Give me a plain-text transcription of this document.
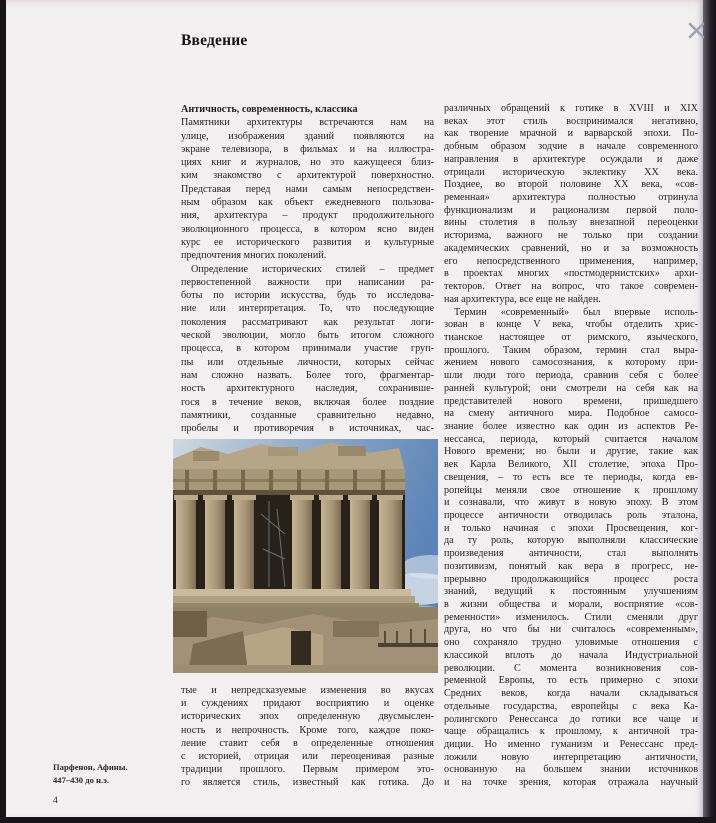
Введение
Античность, современность, классика
Памятники архитектуры встречаются нам на
улице, изображения зданий появляются на
экране телевизора, в фильмах и на иллюстра-
циях книг и журналов, но это кажущееся близ-
ким знакомство с архитектурой поверхностно.
Представая перед нами самым непосредствен-
ным образом как объект ежедневного пользова-
ния, архитектура – продукт продолжительного
эволюционного процесса, в котором ясно виден
курс ее исторического развития и культурные
предпочтения многих поколений.
Определение исторических стилей – предмет
первостепенной важности при написании ра-
боты по истории искусства, будь то исследова-
ние или интерпретация. То, что последующие
поколения рассматривают как результат логи-
ческой эволюции, могло быть итогом сложного
процесса, в котором принимали участие груп-
пы или отдельные личности, которых сейчас
нам сложно назвать. Более того, фрагментар-
ность архитектурного наследия, сохранивше-
гося в течение веков, включая более поздние
памятники, созданные сравнительно недавно,
пробелы и противоречия в источниках, час-
тые и непредсказуемые изменения во вкусах
и суждениях придают восприятию и оценке
исторических эпох определенную двусмыслен-
ность и непрочность. Кроме того, каждое поко-
ление ставит себя в определенные отношения
с историей, отрицая или переоценивая разные
традиции прошлого. Первым примером это-
го является стиль, известный как готика. До
различных обращений к готике в XVIII и XIX
веках этот стиль воспринимался негативно,
как творение мрачной и варварской эпохи. По-
добным образом зодчие в начале современного
направления в архитектуре осуждали и даже
отрицали историческую эклектику XX века.
Позднее, во второй половине XX века, «сов-
ременная» архитектура полностью отринула
функционализм и рационализм первой поло-
вины столетия в пользу внезапной переоценки
историзма, важного не только при создании
академических сравнений, но и за возможность
его непосредственного применения, например,
в проектах многих «постмодернистских» архи-
текторов. Ответ на вопрос, что такое современ-
ная архитектура, все еще не найден.
Термин «современный» был впервые исполь-
зован в конце V века, чтобы отделить хрис-
тианское настоящее от римского, языческого,
прошлого. Таким образом, термин стал выра-
жением нового самосознания, к которому при-
шли люди того периода, сравнив себя с более
ранней культурой; они смотрели на себя как на
представителей нового времени, пришедшего
на смену античного мира. Подобное самосо-
знание более известно как один из аспектов Ре-
нессанса, периода, который считается началом
Нового времени; но были и другие, такие как
век Карла Великого, XII столетие, эпоха Про-
свещения, – то есть все те периоды, когда ев-
ропейцы меняли свое отношение к прошлому
и сознавали, что живут в новую эпоху. В этом
процессе античности отводилась роль эталона,
и только начиная с эпохи Просвещения, ког-
да ту роль, которую выполняли классические
произведения античности, стал выполнять
позитивизм, понятый как вера в прогресс, не-
прерывно продолжающийся процесс роста
знаний, ведущий к постоянным улучшениям
в жизни общества и морали, восприятие «сов-
ременности» изменилось. Стили сменяли друг
друга, но что бы ни считалось «современным»,
оно сохраняло трудно уловимые отношения с
классикой вплоть до начала Индустриальной
революции. С момента возникновения сов-
ременной Европы, то есть примерно с эпохи
Средних веков, когда начали складываться
отдельные государства, европейцы с века Ка-
ролингского Ренессанса до готики все чаще и
чаще обращались к прошлому, к античной тра-
диции. Но именно гуманизм и Ренессанс пред-
ложили новую интерпретацию античности,
основанную на большем знании источников
и на точке зрения, которая отражала научный
Парфенон, Афины.
447–430 до н.э.
4
